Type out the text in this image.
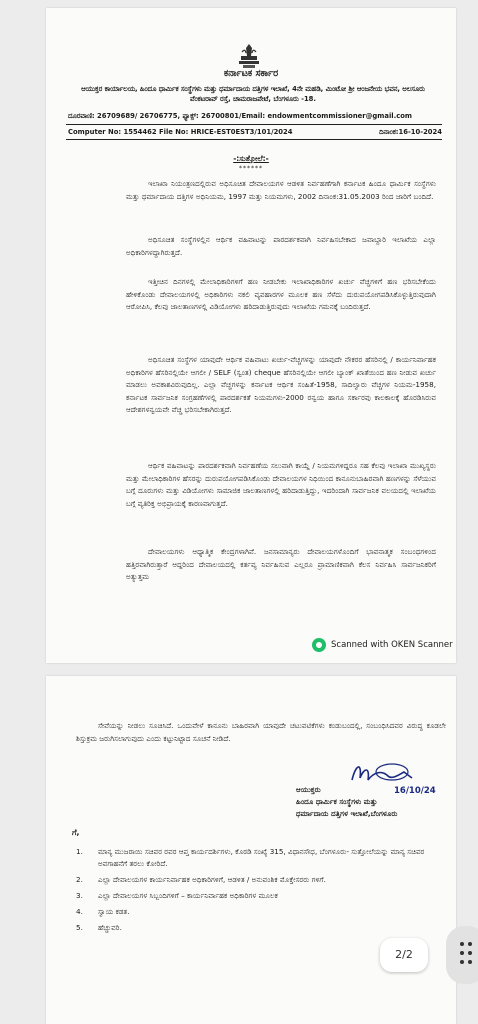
ಕರ್ನಾಟಕ ಸರ್ಕಾರ
ಆಯುಕ್ತರ ಕಾರ್ಯಾಲಯ, ಹಿಂದೂ ಧಾರ್ಮಿಕ ಸಂಸ್ಥೆಗಳು ಮತ್ತು ಧರ್ಮಾದಾಯ ದತ್ತಿಗಳ ಇಲಾಖೆ, 4ನೇ ಮಹಡಿ, ಮಿಂಟೋ ಶ್ರೀ ಆಂಜನೇಯ ಭವನ, ಅಲಸೂರು ವೆಂಕಟರಾವ್ ರಸ್ತೆ, ಚಾಮರಾಜಪೇಟೆ, ಬೆಂಗಳೂರು -18.
ದೂರವಾಣಿ: 26709689/ 26706775, ಫ್ಯಾಕ್ಸ್: 26700801/Email: endowmentcommissioner@gmail.com
Computer No: 1554462 File No: HRICE-EST0EST3/101/2024	ದಿನಾಂಕ:16-10-2024
-:ಸುತ್ತೋಲೆ:-
******

ಇಲಾಖಾ ನಿಯಂತ್ರಣದಲ್ಲಿರುವ ಅಧಿಸೂಚಿತ ದೇವಾಲಯಗಳ ಆಡಳಿತ ನಿರ್ವಹಣೆಗಾಗಿ ಕರ್ನಾಟಕ ಹಿಂದೂ ಧಾರ್ಮಿಕ ಸಂಸ್ಥೆಗಳು ಮತ್ತು ಧರ್ಮಾದಾಯ ದತ್ತಿಗಳ ಅಧಿನಿಯಮ, 1997 ಮತ್ತು ನಿಯಮಗಳು, 2002 ದಿನಾಂಕ:31.05.2003 ರಿಂದ ಜಾರಿಗೆ ಬಂದಿದೆ.

ಅಧಿಸೂಚಿತ ಸಂಸ್ಥೆಗಳಲ್ಲಿನ ಆರ್ಥಿಕ ವಹಿವಾಟನ್ನು ಪಾರದರ್ಶಕವಾಗಿ ನಿರ್ವಹಿಸಬೇಕಾದ ಜವಾಬ್ದಾರಿ ಇಲಾಖೆಯ ಎಲ್ಲಾ ಅಧಿಕಾರಿಗಳದ್ದಾಗಿರುತ್ತದೆ.

ಇತ್ತೀಚಿನ ದಿನಗಳಲ್ಲಿ ಮೇಲಾಧಿಕಾರಿಗಳಿಗೆ ಹಣ ನೀಡಬೇಕು ಇಲಾಖಾಧಿಕಾರಿಗಳ ಖರ್ಚು ವೆಚ್ಚಗಳಿಗೆ ಹಣ ಭರಿಸಬೇಕೆಂದು ಹೇಳಿಕೊಂಡು ದೇವಾಲಯಗಳಲ್ಲಿ ಅಧಿಕಾರಿಗಳು ನಕಲಿ ವ್ಯವಹಾರಗಳ ಮೂಲಕ ಹಣ ಸೆಳೆದು ದುರುಪಯೋಗಪಡಿಸಿಕೊಳ್ಳುತ್ತಿರುವುದಾಗಿ ಆರೋಪಿಸಿ, ಕೆಲವು ಜಾಲತಾಣಗಳಲ್ಲಿ ವಿಡಿಯೋಗಳು ಹರಿದಾಡುತ್ತಿರುವುದು ಇಲಾಖೆಯ ಗಮನಕ್ಕೆ ಬಂದಿರುತ್ತದೆ.

ಅಧಿಸೂಚಿತ ಸಂಸ್ಥೆಗಳ ಯಾವುದೇ ಆರ್ಥಿಕ ವಹಿವಾಟು ಖರ್ಚು-ವೆಚ್ಚಗಳನ್ನು ಯಾವುದೇ ನೌಕರರ ಹೆಸರಿನಲ್ಲಿ / ಕಾರ್ಯನಿರ್ವಾಹಕ ಅಧಿಕಾರಿಗಳ ಹೆಸರಿನಲ್ಲಿಯೇ ಆಗಲೀ / SELF (ಸ್ವಂತ) cheque ಹೆಸರಿನಲ್ಲಿಯೇ ಆಗಲೀ ಬ್ಯಾಂಕ್ ಖಾತೆಯಿಂದ ಹಣ ನೀಡುವ ಖರ್ಚು ಮಾಡಲು ಅವಕಾಶವಿರುವುದಿಲ್ಲ. ಎಲ್ಲಾ ವೆಚ್ಚಗಳನ್ನು ಕರ್ನಾಟಕ ಆರ್ಥಿಕ ಸಂಹಿತೆ-1958, ಸಾದಿಲ್ವಾರು ವೆಚ್ಚಗಳ ನಿಯಮ-1958, ಕರ್ನಾಟಕ ಸಾರ್ವಜನಿಕ ಸಂಗ್ರಹಣೆಗಳಲ್ಲಿ ಪಾರದರ್ಶಕತೆ ನಿಯಮಗಳು-2000 ರನ್ವಯ ಹಾಗೂ ಸರ್ಕಾರವು ಕಾಲಕಾಲಕ್ಕೆ ಹೊರಡಿಸಿರುವ ಆದೇಶಗಳನ್ವಯವೇ ವೆಚ್ಚ ಭರಿಸಬೇಕಾಗಿರುತ್ತದೆ.

ಆರ್ಥಿಕ ವಹಿವಾಟನ್ನು ಪಾರದರ್ಶಕವಾಗಿ ನಿರ್ವಹಣೆಯ ಸಲುವಾಗಿ ಕಾಯ್ದೆ / ನಿಯಮಗಳಿದ್ದರೂ ಸಹ ಕೆಲವು ಇಲಾಖಾ ಮುಖ್ಯಸ್ಥರು ಮತ್ತು ಮೇಲಾಧಿಕಾರಿಗಳ ಹೆಸರನ್ನು ದುರುಪಯೋಗಪಡಿಸಿಕೊಂಡು ದೇವಾಲಯಗಳ ನಿಧಿಯಿಂದ ಕಾನೂನುಬಾಹಿರವಾಗಿ ಹಣಗಳನ್ನು ಸೆಳೆಯುವ ಬಗ್ಗೆ ದೂರುಗಳು ಮತ್ತು ವಿಡಿಯೋಗಳು ಸಾಮಾಜಿಕ ಜಾಲತಾಣಗಳಲ್ಲಿ ಹರಿದಾಡುತ್ತಿದ್ದು, ಇದರಿಂದಾಗಿ ಸಾರ್ವಜನಿಕ ವಲಯದಲ್ಲಿ ಇಲಾಖೆಯ ಬಗ್ಗೆ ವ್ಯತಿರಿಕ್ತ ಅಭಿಪ್ರಾಯಕ್ಕೆ ಕಾರಣವಾಗುತ್ತದೆ.

ದೇವಾಲಯಗಳು ಆಧ್ಯಾತ್ಮಿಕ ಕೇಂದ್ರಗಳಾಗಿವೆ. ಜನಸಾಮಾನ್ಯರು ದೇವಾಲಯಗಳೊಂದಿಗೆ ಭಾವನಾತ್ಮಕ ಸಂಬಂಧಗಳಿಂದ ಹತ್ತಿರವಾಗಿರುತ್ತಾರೆ ಆದ್ದರಿಂದ ದೇವಾಲಯದಲ್ಲಿ ಕರ್ತವ್ಯ ನಿರ್ವಹಿಸುವ ಎಲ್ಲರೂ ಪ್ರಾಮಾಣಿಕವಾಗಿ ಕೆಲಸ ನಿರ್ವಹಿಸಿ ಸಾರ್ವಜನಿಕರಿಗೆ ಅತ್ಯುತ್ತಮ

Scanned with OKEN Scanner

ಸೇವೆಯನ್ನು ನೀಡಲು ಸೂಚಿಸಿದೆ. ಒಂದುವೇಳೆ ಕಾನೂನು ಬಾಹಿರವಾಗಿ ಯಾವುದೇ ಚಟುವಟಿಕೆಗಳು ಕಂಡುಬಂದಲ್ಲಿ, ಸಂಬಂಧಿಸಿದವರ ವಿರುದ್ಧ ಕೂಡಲೇ ಶಿಸ್ತುಕ್ರಮ ಜರುಗಿಸಲಾಗುವುದು ಎಂದು ಕಟ್ಟುನಿಟ್ಟಾದ ಸೂಚನೆ ನೀಡಿದೆ.

16/10/24
ಆಯುಕ್ತರು
ಹಿಂದೂ ಧಾರ್ಮಿಕ ಸಂಸ್ಥೆಗಳು ಮತ್ತು
ಧರ್ಮಾದಾಯ ದತ್ತಿಗಳ ಇಲಾಖೆ,ಬೆಂಗಳೂರು
ಗೆ,
1. ಮಾನ್ಯ ಮುಜರಾಯಿ ಸಚಿವರ ರವರ ಆಪ್ತ ಕಾರ್ಯದರ್ಶಿಗಳು, ಕೊಠಡಿ ಸಂಖ್ಯೆ 315, ವಿಧಾನಸೌಧ, ಬೆಂಗಳೂರು- ಸುತ್ತೋಲೆಯನ್ನು ಮಾನ್ಯ ಸಚಿವರ ಅವಗಾಹನೆಗೆ ತರಲು ಕೋರಿದೆ.
2. ಎಲ್ಲಾ ದೇವಾಲಯಗಳ ಕಾರ್ಯನಿರ್ವಾಹಕ ಅಧಿಕಾರಿಗಳಿಗೆ, ಆಡಳಿತ / ಅನುವಂಶಿಕ ಮೊಕ್ತೇಸರರು ಗಳಿಗೆ.
3. ಎಲ್ಲಾ ದೇವಾಲಯಗಳ ಸಿಬ್ಬಂದಿಗಳಿಗೆ – ಕಾರ್ಯನಿರ್ವಾಹಕ ಅಧಿಕಾರಿಗಳ ಮೂಲಕ
4. ಸ್ವಾಯ ಕಡತ.
5. ಹೆಚ್ಚುವರಿ.
2/2
